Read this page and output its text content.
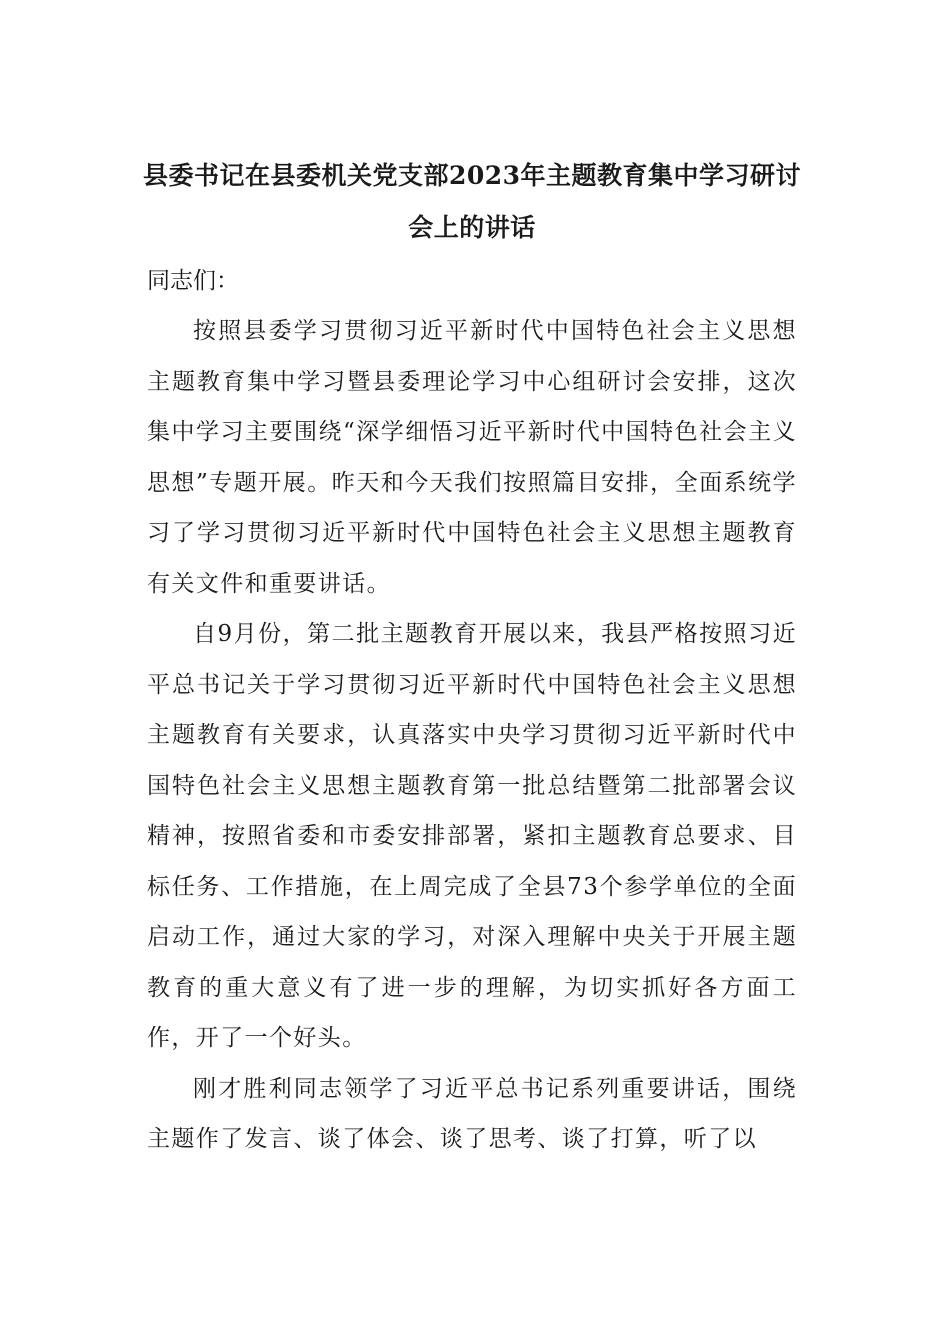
县委书记在县委机关党支部2023年主题教育集中学习研讨会上的讲话

同志们：

按照县委学习贯彻习近平新时代中国特色社会主义思想主题教育集中学习暨县委理论学习中心组研讨会安排，这次集中学习主要围绕“深学细悟习近平新时代中国特色社会主义思想”专题开展。昨天和今天我们按照篇目安排，全面系统学习了学习贯彻习近平新时代中国特色社会主义思想主题教育有关文件和重要讲话。

自9月份，第二批主题教育开展以来，我县严格按照习近平总书记关于学习贯彻习近平新时代中国特色社会主义思想主题教育有关要求，认真落实中央学习贯彻习近平新时代中国特色社会主义思想主题教育第一批总结暨第二批部署会议精神，按照省委和市委安排部署，紧扣主题教育总要求、目标任务、工作措施，在上周完成了全县73个参学单位的全面启动工作，通过大家的学习，对深入理解中央关于开展主题教育的重大意义有了进一步的理解，为切实抓好各方面工作，开了一个好头。

刚才胜利同志领学了习近平总书记系列重要讲话，围绕主题作了发言、谈了体会、谈了思考、谈了打算，听了以
